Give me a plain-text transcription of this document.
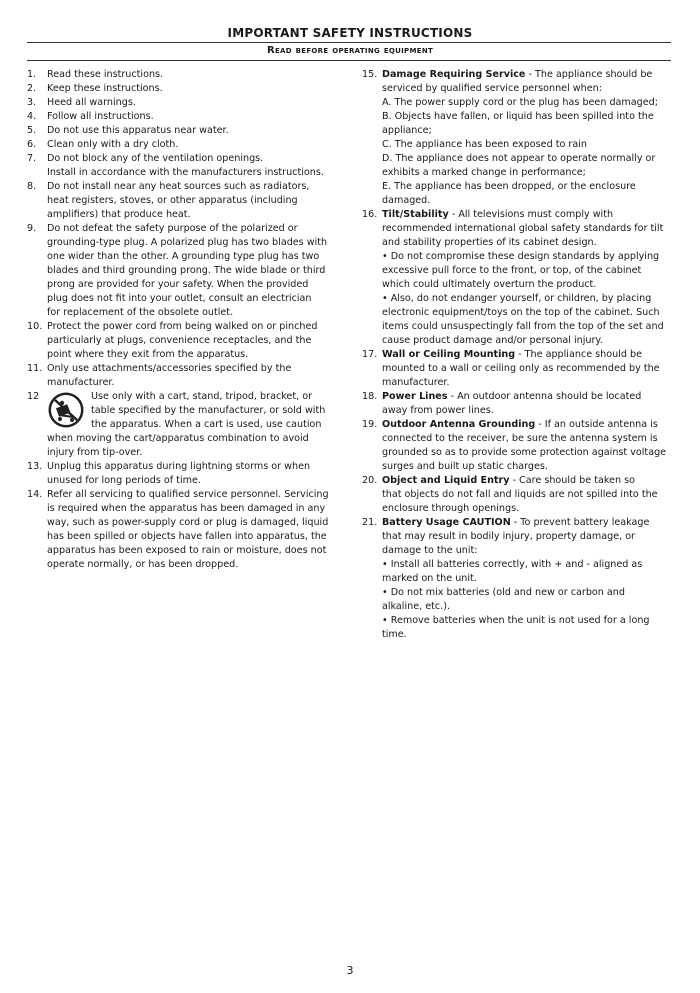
IMPORTANT SAFETY INSTRUCTIONS
Read before operating equipment
1.	Read these instructions.
2.	Keep these instructions.
3.	Heed all warnings.
4.	Follow all instructions.
5.	Do not use this apparatus near water.
6.	Clean only with a dry cloth.
7.	Do not block any of the ventilation openings.
Install in accordance with the manufacturers instructions.
8.	Do not install near any heat sources such as radiators,
heat registers, stoves, or other apparatus (including
amplifiers) that produce heat.
9.	Do not defeat the safety purpose of the polarized or
grounding-type plug. A polarized plug has two blades with
one wider than the other. A grounding type plug has two
blades and third grounding prong. The wide blade or third
prong are provided for your safety. When the provided
plug does not fit into your outlet, consult an electrician
for replacement of the obsolete outlet.
10. Protect the power cord from being walked on or pinched
particularly at plugs, convenience receptacles, and the
point where they exit from the apparatus.
11. Only use attachments/accessories specified by the
manufacturer.
12	Use only with a cart, stand, tripod, bracket, or
table specified by the manufacturer, or sold with
the apparatus. When a cart is used, use caution
when moving the cart/apparatus combination to avoid
injury from tip-over.
13. Unplug this apparatus during lightning storms or when
unused for long periods of time.
14. Refer all servicing to qualified service personnel. Servicing
is required when the apparatus has been damaged in any
way, such as power-supply cord or plug is damaged, liquid
has been spilled or objects have fallen into apparatus, the
apparatus has been exposed to rain or moisture, does not
operate normally, or has been dropped.
15. Damage Requiring Service - The appliance should be
serviced by qualified service personnel when:
A. The power supply cord or the plug has been damaged;
B. Objects have fallen, or liquid has been spilled into the
appliance;
C. The appliance has been exposed to rain
D. The appliance does not appear to operate normally or
exhibits a marked change in performance;
E. The appliance has been dropped, or the enclosure
damaged.
16. Tilt/Stability - All televisions must comply with
recommended international global safety standards for tilt
and stability properties of its cabinet design.
• Do not compromise these design standards by applying
excessive pull force to the front, or top, of the cabinet
which could ultimately overturn the product.
• Also, do not endanger yourself, or children, by placing
electronic equipment/toys on the top of the cabinet. Such
items could unsuspectingly fall from the top of the set and
cause product damage and/or personal injury.
17. Wall or Ceiling Mounting - The appliance should be
mounted to a wall or ceiling only as recommended by the
manufacturer.
18. Power Lines - An outdoor antenna should be located
away from power lines.
19. Outdoor Antenna Grounding - If an outside antenna is
connected to the receiver, be sure the antenna system is
grounded so as to provide some protection against voltage
surges and built up static charges.
20. Object and Liquid Entry - Care should be taken so
that objects do not fall and liquids are not spilled into the
enclosure through openings.
21. Battery Usage CAUTION - To prevent battery leakage
that may result in bodily injury, property damage, or
damage to the unit:
• Install all batteries correctly, with + and - aligned as
marked on the unit.
• Do not mix batteries (old and new or carbon and
alkaline, etc.).
• Remove batteries when the unit is not used for a long
time.
3
